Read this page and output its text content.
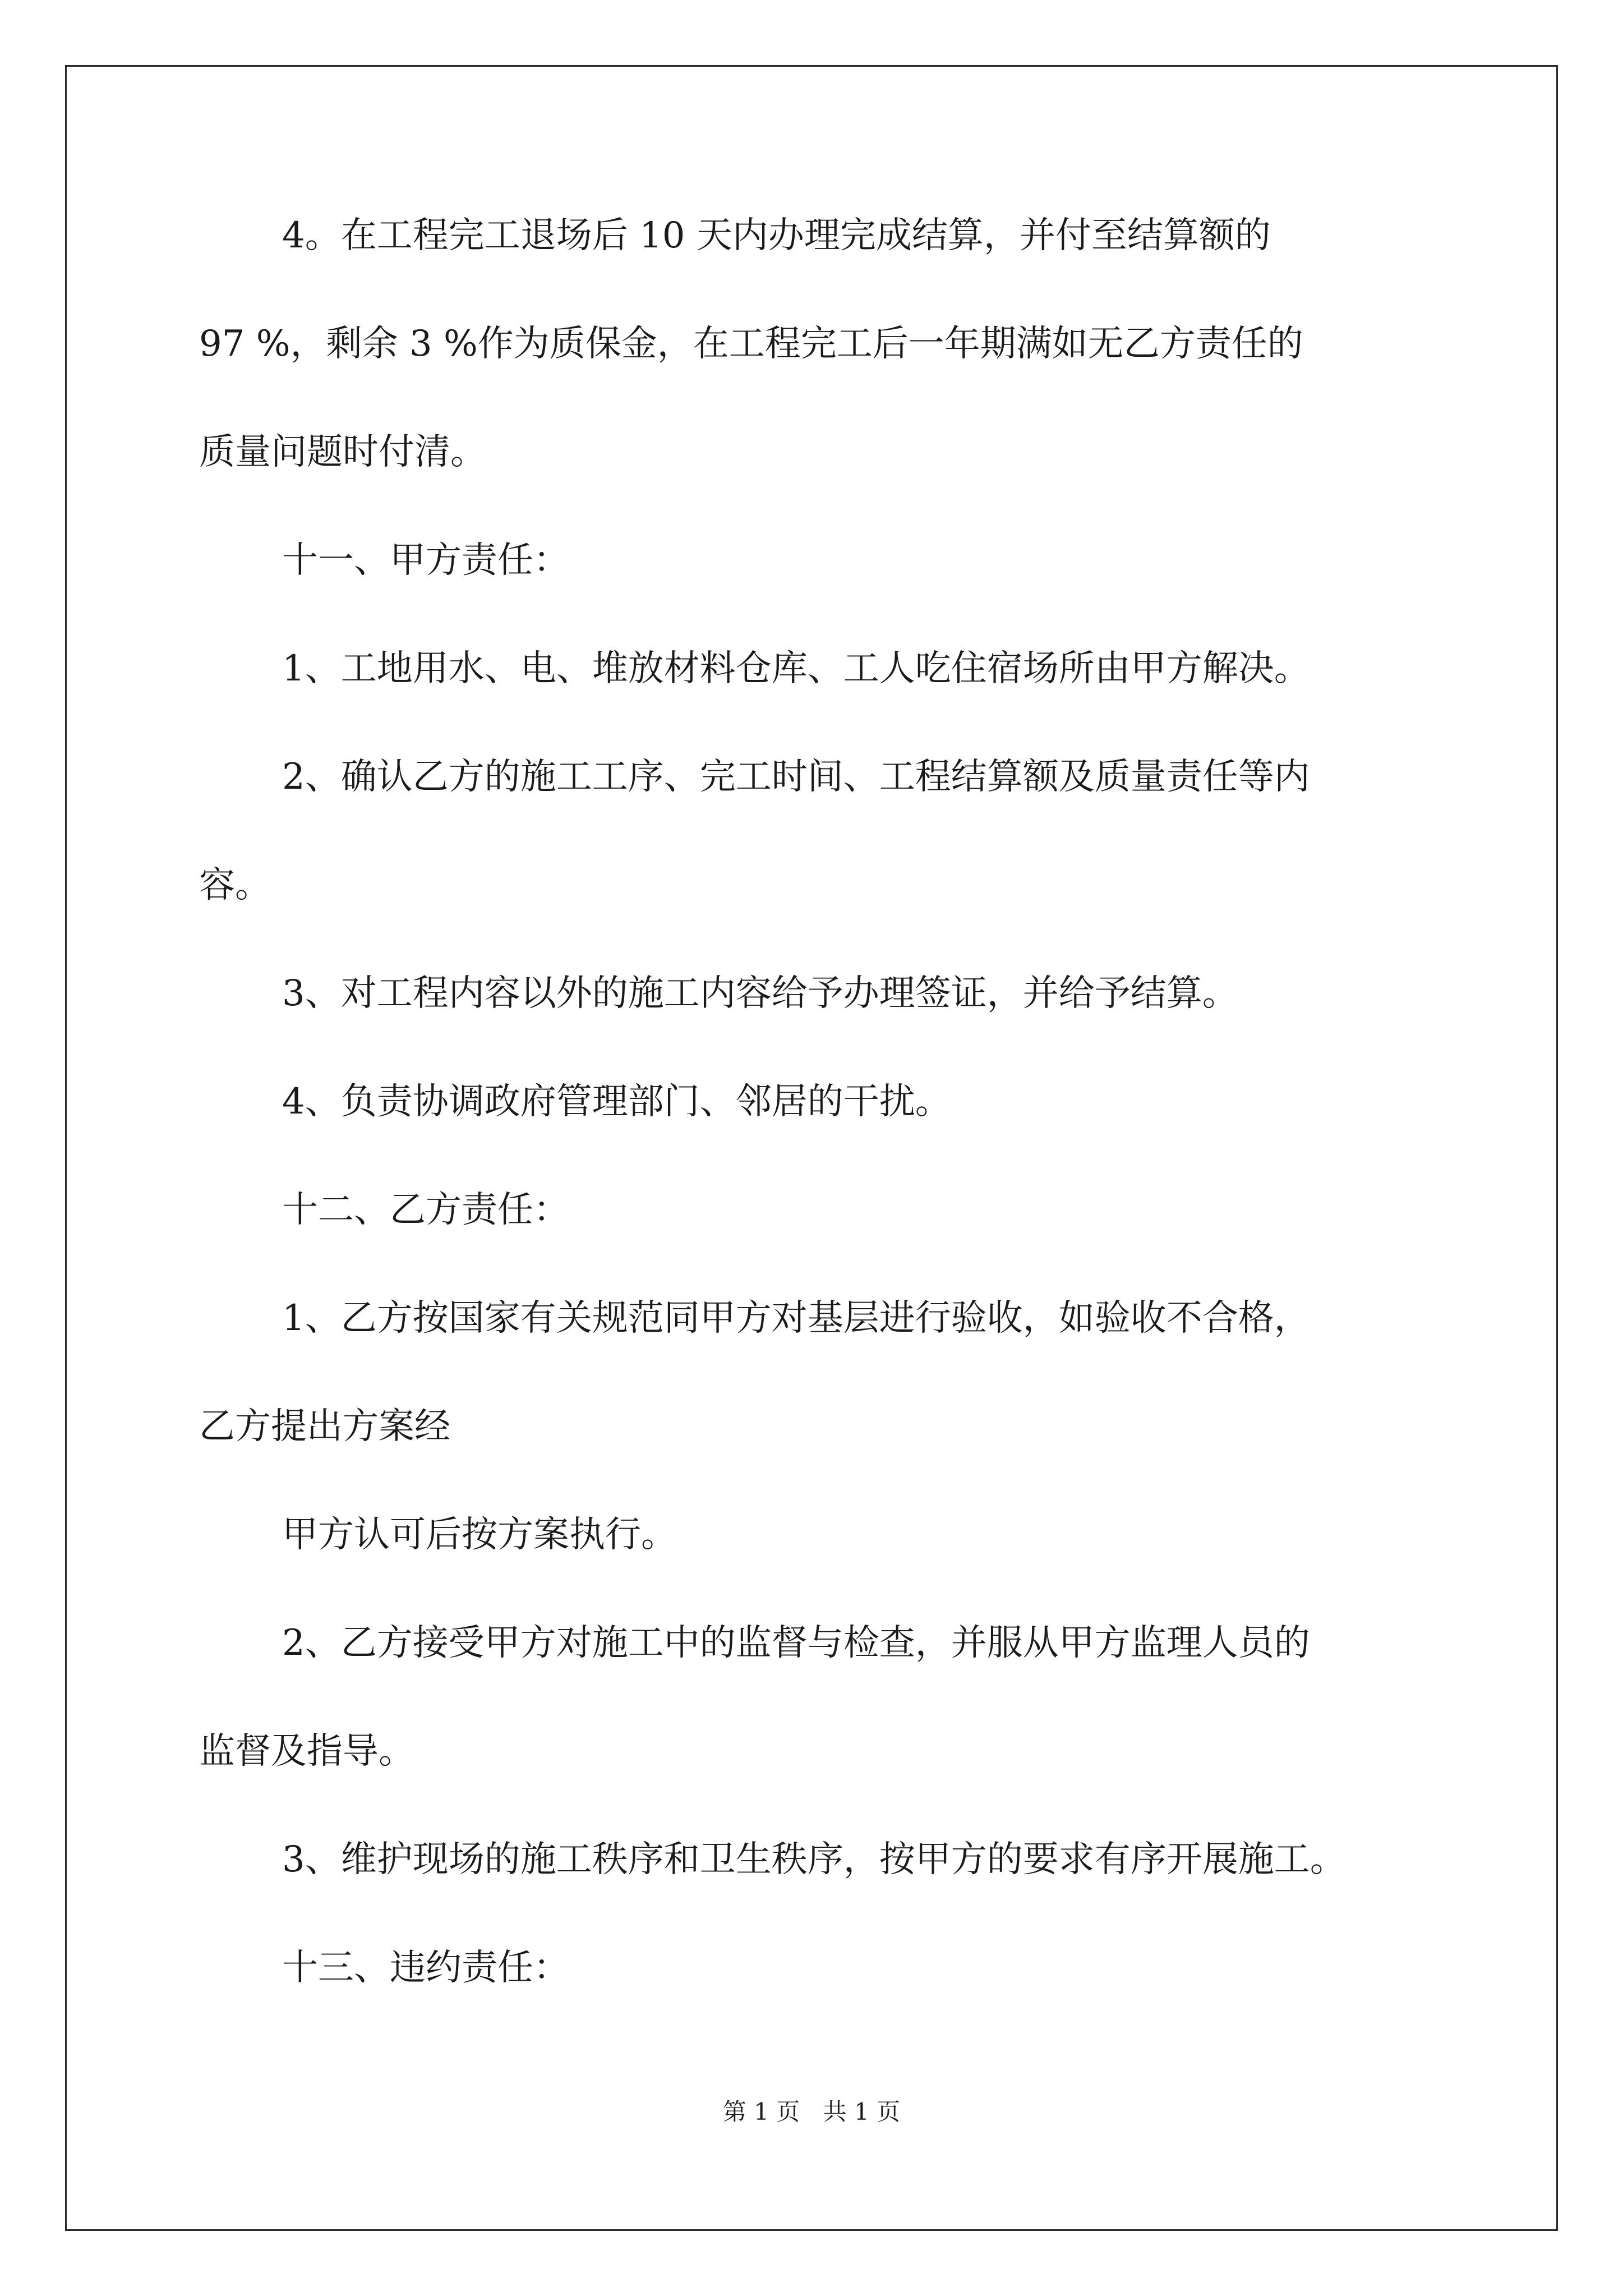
4。在工程完工退场后 10 天内办理完成结算，并付至结算额的
97 %，剩余 3 %作为质保金，在工程完工后一年期满如无乙方责任的
质量问题时付清。
十一、甲方责任：
1、工地用水、电、堆放材料仓库、工人吃住宿场所由甲方解决。
2、确认乙方的施工工序、完工时间、工程结算额及质量责任等内
容。
3、对工程内容以外的施工内容给予办理签证，并给予结算。
4、负责协调政府管理部门、邻居的干扰。
十二、乙方责任：
1、乙方按国家有关规范同甲方对基层进行验收，如验收不合格，
乙方提出方案经
甲方认可后按方案执行。
2、乙方接受甲方对施工中的监督与检查，并服从甲方监理人员的
监督及指导。
3、维护现场的施工秩序和卫生秩序，按甲方的要求有序开展施工。
十三、违约责任：
第 1 页 共 1 页
